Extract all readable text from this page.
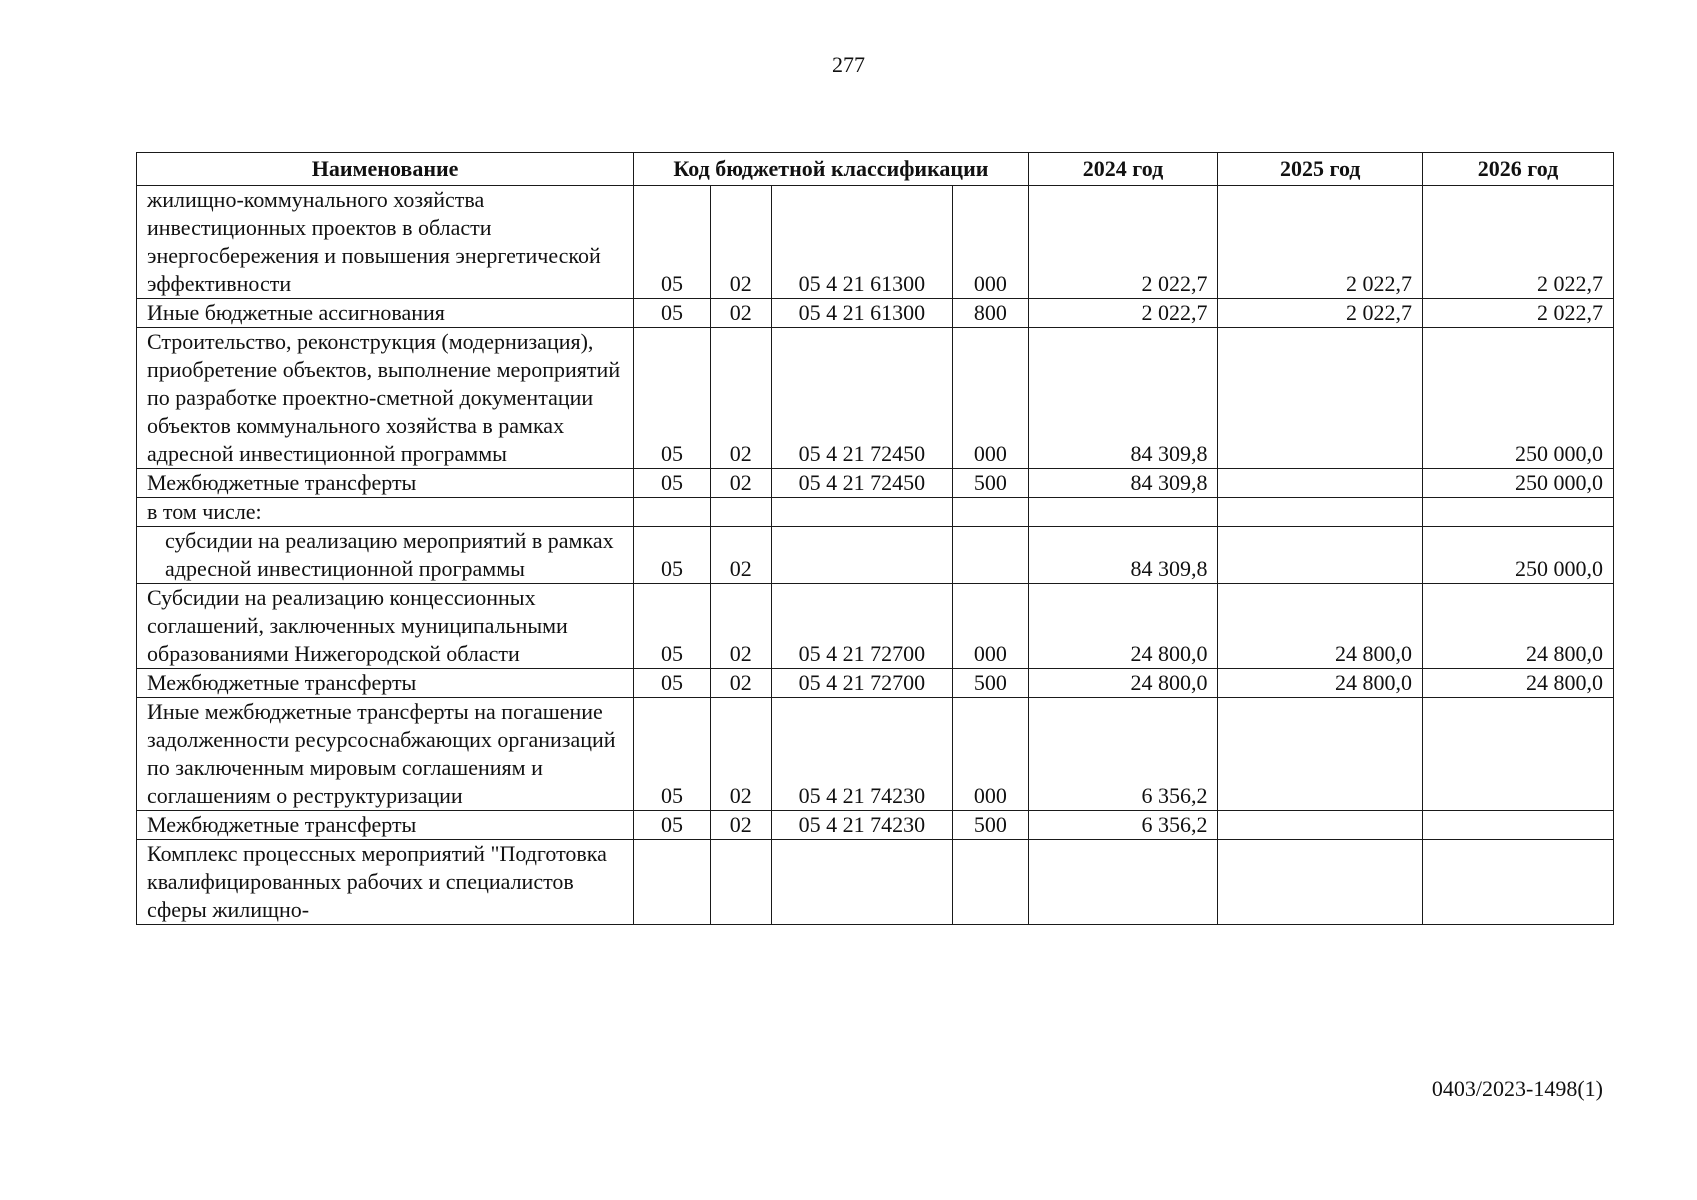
277
Наименование	Код бюджетной классификации				2024 год	2025 год	2026 год
жилищно-коммунального хозяйства инвестиционных проектов в области энергосбережения и повышения энергетической эффективности	05	02	05 4 21 61300	000	2 022,7	2 022,7	2 022,7
Иные бюджетные ассигнования	05	02	05 4 21 61300	800	2 022,7	2 022,7	2 022,7
Строительство, реконструкция (модернизация), приобретение объектов, выполнение мероприятий по разработке проектно-сметной документации объектов коммунального хозяйства в рамках адресной инвестиционной программы	05	02	05 4 21 72450	000	84 309,8		250 000,0
Межбюджетные трансферты	05	02	05 4 21 72450	500	84 309,8		250 000,0
в том числе:							
субсидии на реализацию мероприятий в рамках адресной инвестиционной программы	05	02			84 309,8		250 000,0
Субсидии на реализацию концессионных соглашений, заключенных муниципальными образованиями Нижегородской области	05	02	05 4 21 72700	000	24 800,0	24 800,0	24 800,0
Межбюджетные трансферты	05	02	05 4 21 72700	500	24 800,0	24 800,0	24 800,0
Иные межбюджетные трансферты на погашение задолженности ресурсоснабжающих организаций по заключенным мировым соглашениям и соглашениям о реструктуризации	05	02	05 4 21 74230	000	6 356,2		
Межбюджетные трансферты	05	02	05 4 21 74230	500	6 356,2		
Комплекс процессных мероприятий "Подготовка квалифицированных рабочих и специалистов сферы жилищно-							
0403/2023-1498(1)
